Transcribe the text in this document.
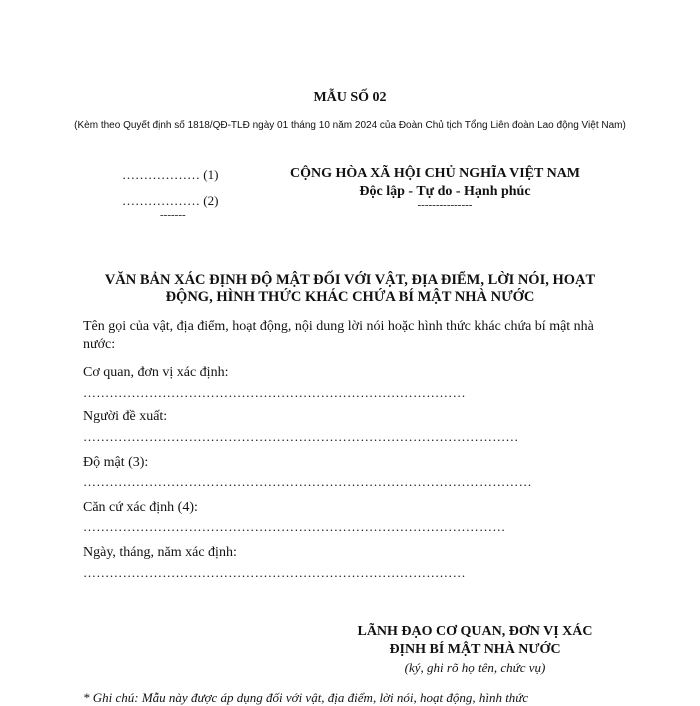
MẪU SỐ 02
(Kèm theo Quyết định số 1818/QĐ-TLĐ ngày 01 tháng 10 năm 2024 của Đoàn Chủ tịch Tổng Liên đoàn Lao động Việt Nam)
……………… (1)
……………… (2)
-------
CỘNG HÒA XÃ HỘI CHỦ NGHĨA VIỆT NAM
Độc lập - Tự do - Hạnh phúc
---------------
VĂN BẢN XÁC ĐỊNH ĐỘ MẬT ĐỐI VỚI VẬT, ĐỊA ĐIỂM, LỜI NÓI, HOẠT ĐỘNG, HÌNH THỨC KHÁC CHỨA BÍ MẬT NHÀ NƯỚC
Tên gọi của vật, địa điểm, hoạt động, nội dung lời nói hoặc hình thức khác chứa bí mật nhà nước:
Cơ quan, đơn vị xác định:
……………………………………………………………………………
Người đề xuất:
………………………………………………………………………………………
Độ mật (3):
…………………………………………………………………………………………
Căn cứ xác định (4):
……………………………………………………………………………………
Ngày, tháng, năm xác định:
……………………………………………………………………………
LÃNH ĐẠO CƠ QUAN, ĐƠN VỊ XÁC ĐỊNH BÍ MẬT NHÀ NƯỚC
(ký, ghi rõ họ tên, chức vụ)
* Ghi chú: Mẫu này được áp dụng đối với vật, địa điểm, lời nói, hoạt động, hình thức
